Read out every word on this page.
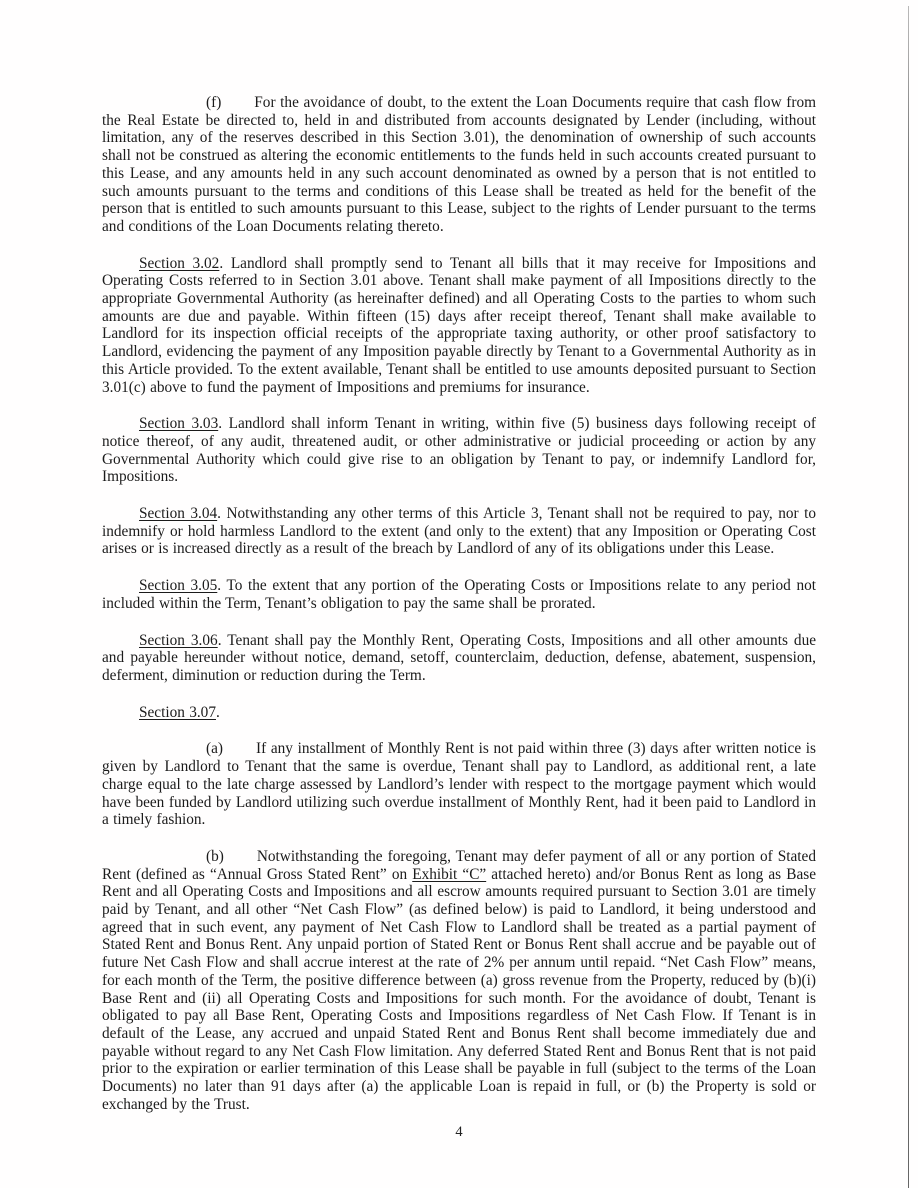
(f) For the avoidance of doubt, to the extent the Loan Documents require that cash flow from the Real Estate be directed to, held in and distributed from accounts designated by Lender (including, without limitation, any of the reserves described in this Section 3.01), the denomination of ownership of such accounts shall not be construed as altering the economic entitlements to the funds held in such accounts created pursuant to this Lease, and any amounts held in any such account denominated as owned by a person that is not entitled to such amounts pursuant to the terms and conditions of this Lease shall be treated as held for the benefit of the person that is entitled to such amounts pursuant to this Lease, subject to the rights of Lender pursuant to the terms and conditions of the Loan Documents relating thereto.

Section 3.02. Landlord shall promptly send to Tenant all bills that it may receive for Impositions and Operating Costs referred to in Section 3.01 above. Tenant shall make payment of all Impositions directly to the appropriate Governmental Authority (as hereinafter defined) and all Operating Costs to the parties to whom such amounts are due and payable. Within fifteen (15) days after receipt thereof, Tenant shall make available to Landlord for its inspection official receipts of the appropriate taxing authority, or other proof satisfactory to Landlord, evidencing the payment of any Imposition payable directly by Tenant to a Governmental Authority as in this Article provided. To the extent available, Tenant shall be entitled to use amounts deposited pursuant to Section 3.01(c) above to fund the payment of Impositions and premiums for insurance.

Section 3.03. Landlord shall inform Tenant in writing, within five (5) business days following receipt of notice thereof, of any audit, threatened audit, or other administrative or judicial proceeding or action by any Governmental Authority which could give rise to an obligation by Tenant to pay, or indemnify Landlord for, Impositions.

Section 3.04. Notwithstanding any other terms of this Article 3, Tenant shall not be required to pay, nor to indemnify or hold harmless Landlord to the extent (and only to the extent) that any Imposition or Operating Cost arises or is increased directly as a result of the breach by Landlord of any of its obligations under this Lease.

Section 3.05. To the extent that any portion of the Operating Costs or Impositions relate to any period not included within the Term, Tenant’s obligation to pay the same shall be prorated.

Section 3.06. Tenant shall pay the Monthly Rent, Operating Costs, Impositions and all other amounts due and payable hereunder without notice, demand, setoff, counterclaim, deduction, defense, abatement, suspension, deferment, diminution or reduction during the Term.

Section 3.07.

(a) If any installment of Monthly Rent is not paid within three (3) days after written notice is given by Landlord to Tenant that the same is overdue, Tenant shall pay to Landlord, as additional rent, a late charge equal to the late charge assessed by Landlord’s lender with respect to the mortgage payment which would have been funded by Landlord utilizing such overdue installment of Monthly Rent, had it been paid to Landlord in a timely fashion.

(b) Notwithstanding the foregoing, Tenant may defer payment of all or any portion of Stated Rent (defined as “Annual Gross Stated Rent” on Exhibit “C” attached hereto) and/or Bonus Rent as long as Base Rent and all Operating Costs and Impositions and all escrow amounts required pursuant to Section 3.01 are timely paid by Tenant, and all other “Net Cash Flow” (as defined below) is paid to Landlord, it being understood and agreed that in such event, any payment of Net Cash Flow to Landlord shall be treated as a partial payment of Stated Rent and Bonus Rent. Any unpaid portion of Stated Rent or Bonus Rent shall accrue and be payable out of future Net Cash Flow and shall accrue interest at the rate of 2% per annum until repaid. “Net Cash Flow” means, for each month of the Term, the positive difference between (a) gross revenue from the Property, reduced by (b)(i) Base Rent and (ii) all Operating Costs and Impositions for such month. For the avoidance of doubt, Tenant is obligated to pay all Base Rent, Operating Costs and Impositions regardless of Net Cash Flow. If Tenant is in default of the Lease, any accrued and unpaid Stated Rent and Bonus Rent shall become immediately due and payable without regard to any Net Cash Flow limitation. Any deferred Stated Rent and Bonus Rent that is not paid prior to the expiration or earlier termination of this Lease shall be payable in full (subject to the terms of the Loan Documents) no later than 91 days after (a) the applicable Loan is repaid in full, or (b) the Property is sold or exchanged by the Trust.

4
